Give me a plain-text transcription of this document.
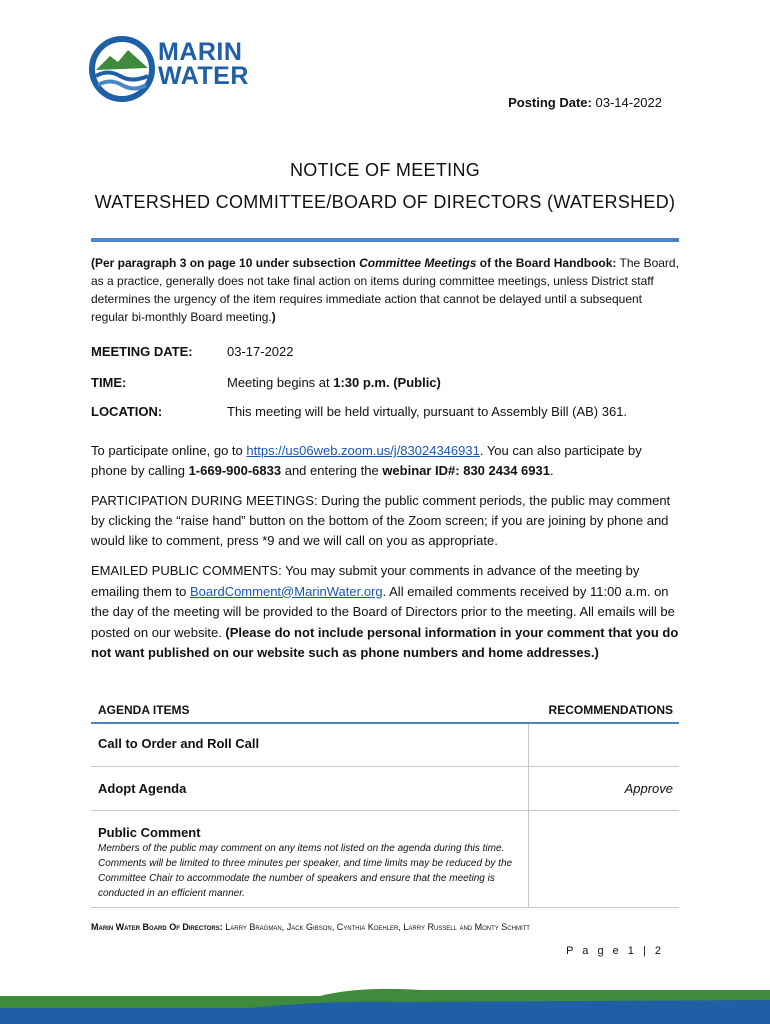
MARIN
WATER
Posting Date: 03-14-2022
NOTICE OF MEETING
WATERSHED COMMITTEE/BOARD OF DIRECTORS (WATERSHED)
(Per paragraph 3 on page 10 under subsection Committee Meetings of the Board Handbook: The Board, as a practice, generally does not take final action on items during committee meetings, unless District staff determines the urgency of the item requires immediate action that cannot be delayed until a subsequent regular bi-monthly Board meeting.)
MEETING DATE:	03-17-2022
TIME:	Meeting begins at 1:30 p.m. (Public)
LOCATION:	This meeting will be held virtually, pursuant to Assembly Bill (AB) 361.
To participate online, go to https://us06web.zoom.us/j/83024346931. You can also participate by phone by calling 1-669-900-6833 and entering the webinar ID#: 830 2434 6931.
PARTICIPATION DURING MEETINGS: During the public comment periods, the public may comment by clicking the “raise hand” button on the bottom of the Zoom screen; if you are joining by phone and would like to comment, press *9 and we will call on you as appropriate.
EMAILED PUBLIC COMMENTS: You may submit your comments in advance of the meeting by emailing them to BoardComment@MarinWater.org. All emailed comments received by 11:00 a.m. on the day of the meeting will be provided to the Board of Directors prior to the meeting. All emails will be posted on our website. (Please do not include personal information in your comment that you do not want published on our website such as phone numbers and home addresses.)
AGENDA ITEMS	RECOMMENDATIONS
Call to Order and Roll Call
Adopt Agenda	Approve
Public Comment
Members of the public may comment on any items not listed on the agenda during this time. Comments will be limited to three minutes per speaker, and time limits may be reduced by the Committee Chair to accommodate the number of speakers and ensure that the meeting is conducted in an efficient manner.
Marin Water Board Of Directors: Larry Bragman, Jack Gibson, Cynthia Koehler, Larry Russell and Monty Schmitt
P a g e 1 | 2
